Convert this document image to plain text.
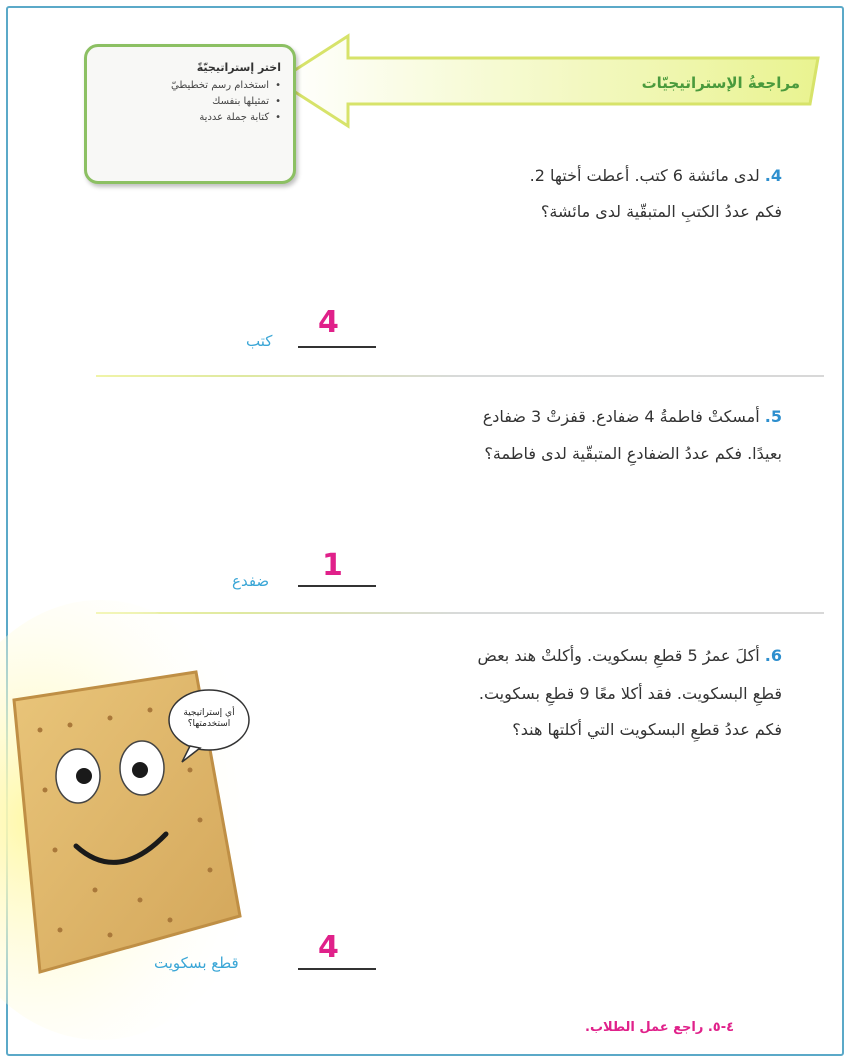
مراجعةُ الإستراتيجيّات
اختر إستراتيجيّةً
• استخدام رسم تخطيطيّ
• تمثيلها بنفسك
• كتابة جملة عددية
4. لدى مائشة 6 كتب. أعطت أختها 2.
فكم عددُ الكتبِ المتبقّية لدى مائشة؟
4
كتب
5. أمسكتْ فاطمةُ 4 ضفادع. قفزتْ 3 ضفادع
بعيدًا. فكم عددُ الضفادعِ المتبقّية لدى فاطمة؟
1
ضفدع
6. أكلَ عمرُ 5 قطعِ بسكويت. وأكلتْ هند بعض
قطعِ البسكويت. فقد أكلا معًا 9 قطعِ بسكويت.
فكم عددُ قطعِ البسكويت التي أكلتها هند؟
أي إستراتيجية استخدمتها؟
4
قطع بسكويت
٤-٥. راجع عمل الطلاب.
